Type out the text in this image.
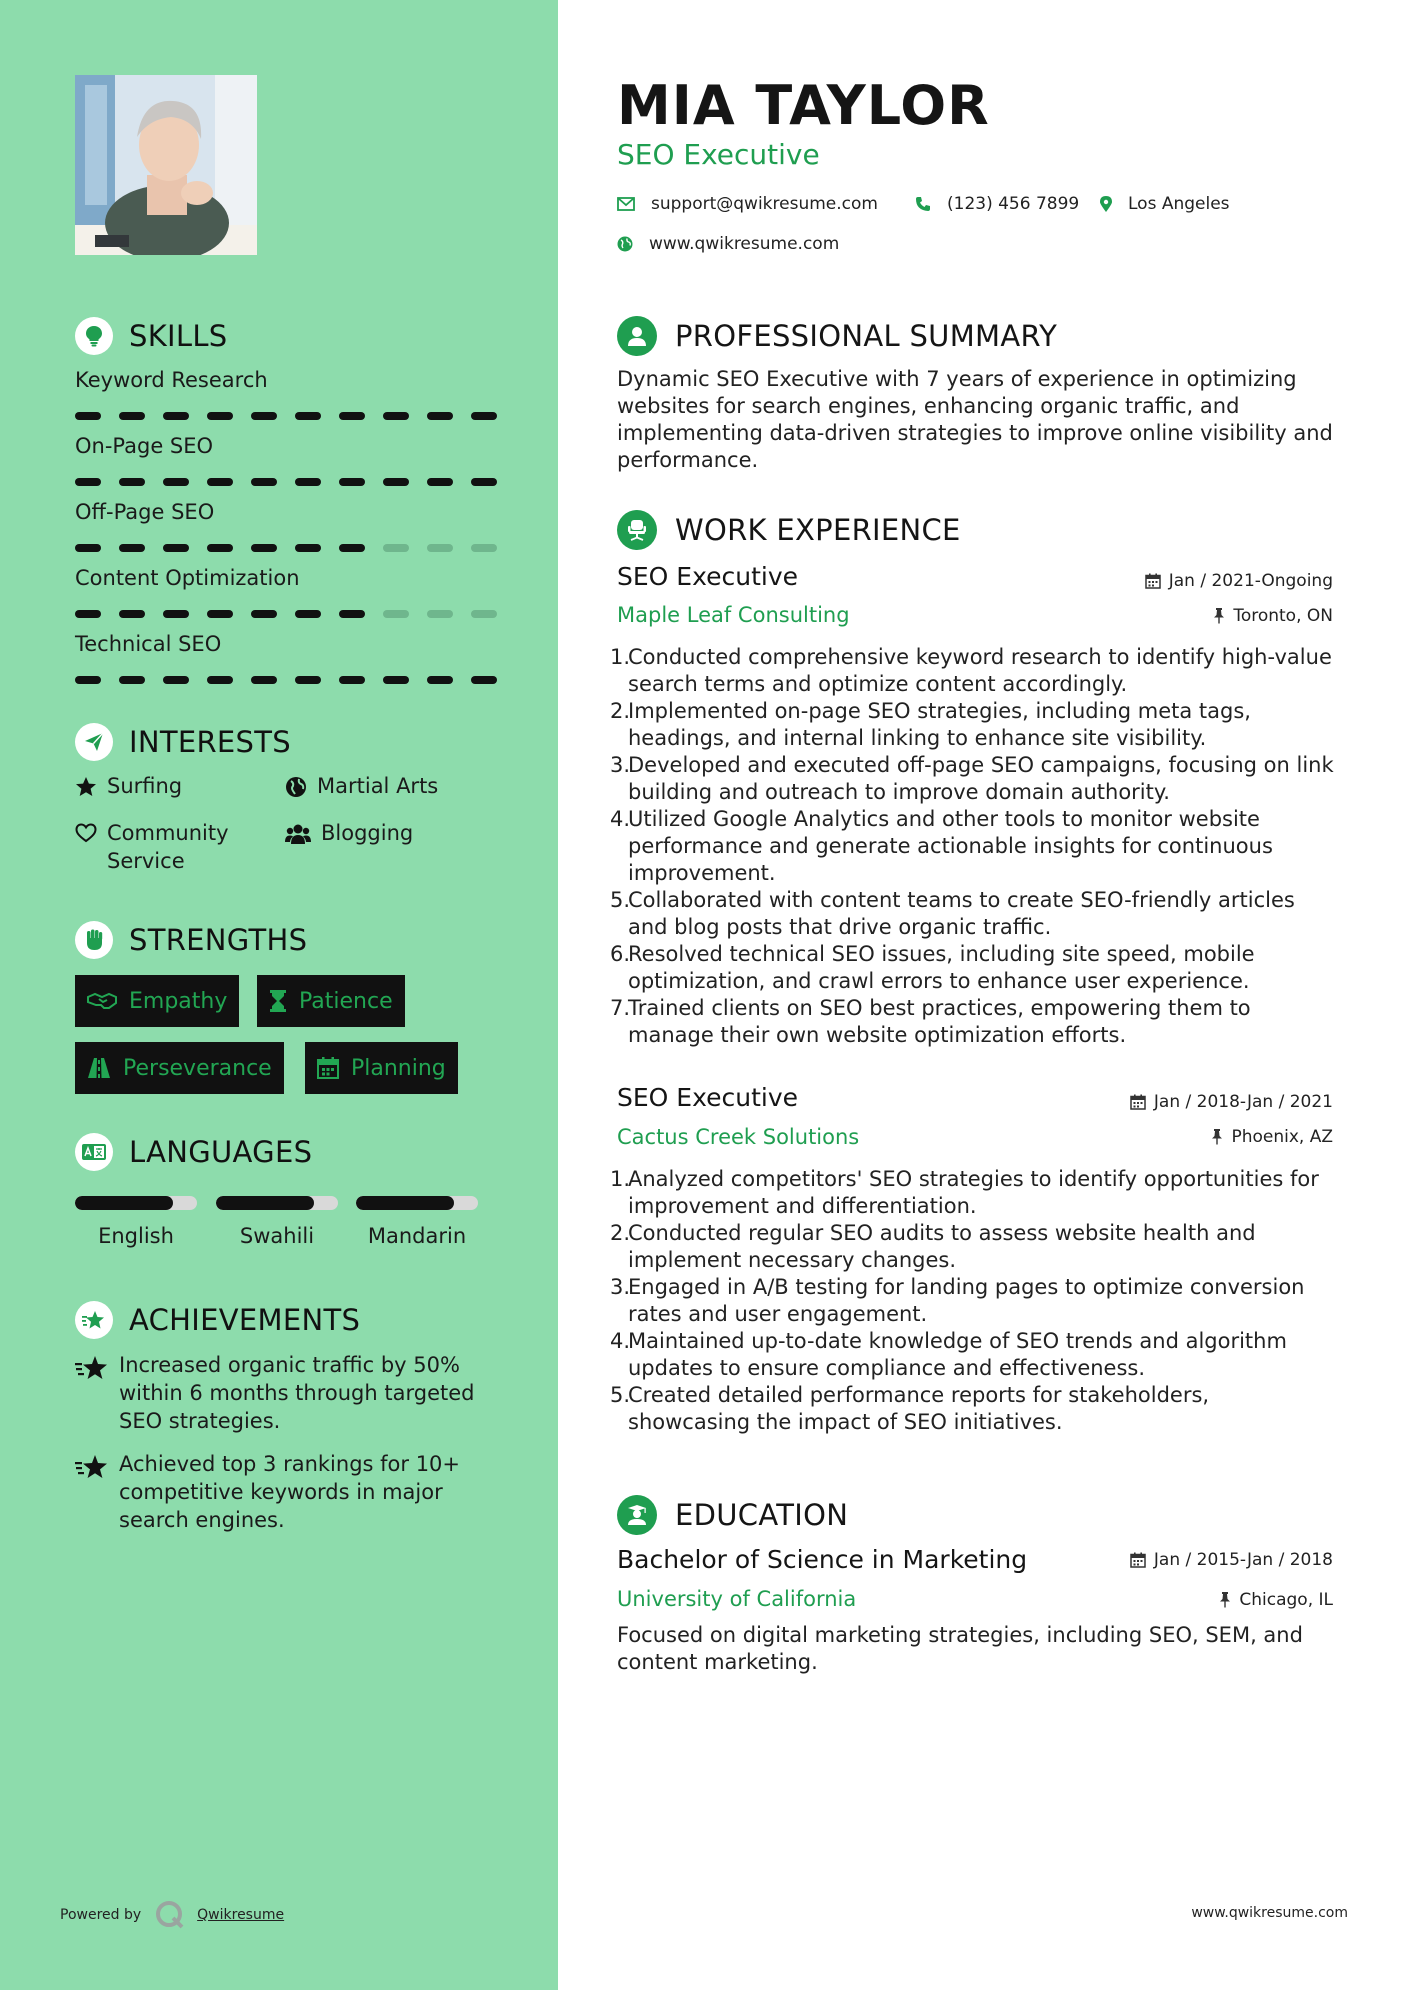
SKILLS
Keyword Research
On-Page SEO
Off-Page SEO
Content Optimization
Technical SEO
INTERESTS
Surfing	Martial Arts
Community Service
Blogging
STRENGTHS
Empathy	Patience
Perseverance	Planning
LANGUAGES
English	Swahili	Mandarin
ACHIEVEMENTS

Increased organic traffic by 50% within 6 months through targeted SEO strategies.

Achieved top 3 rankings for 10+ competitive keywords in major search engines.

Powered by	Qwikresume
MIA TAYLOR
SEO Executive
support@qwikresume.com	(123) 456 7899	Los Angeles
www.qwikresume.com
PROFESSIONAL SUMMARY

Dynamic SEO Executive with 7 years of experience in optimizing websites for search engines, enhancing organic traffic, and implementing data-driven strategies to improve online visibility and performance.

WORK EXPERIENCE
SEO Executive	Jan / 2021-Ongoing
Maple Leaf Consulting	Toronto, ON
1.
Conducted comprehensive keyword research to identify high-value search terms and optimize content accordingly.
2.
Implemented on-page SEO strategies, including meta tags, headings, and internal linking to enhance site visibility.
3.
Developed and executed off-page SEO campaigns, focusing on link building and outreach to improve domain authority.
4.
Utilized Google Analytics and other tools to monitor website performance and generate actionable insights for continuous improvement.
5.
Collaborated with content teams to create SEO-friendly articles and blog posts that drive organic traffic.
6.
Resolved technical SEO issues, including site speed, mobile optimization, and crawl errors to enhance user experience.
7.
Trained clients on SEO best practices, empowering them to manage their own website optimization efforts.
SEO Executive	Jan / 2018-Jan / 2021
Cactus Creek Solutions	Phoenix, AZ
1.
Analyzed competitors' SEO strategies to identify opportunities for improvement and differentiation.
2.
Conducted regular SEO audits to assess website health and implement necessary changes.
3.
Engaged in A/B testing for landing pages to optimize conversion rates and user engagement.
4.
Maintained up-to-date knowledge of SEO trends and algorithm updates to ensure compliance and effectiveness.
5.
Created detailed performance reports for stakeholders, showcasing the impact of SEO initiatives.
EDUCATION
Bachelor of Science in Marketing	Jan / 2015-Jan / 2018
University of California	Chicago, IL

Focused on digital marketing strategies, including SEO, SEM, and content marketing.

www.qwikresume.com
